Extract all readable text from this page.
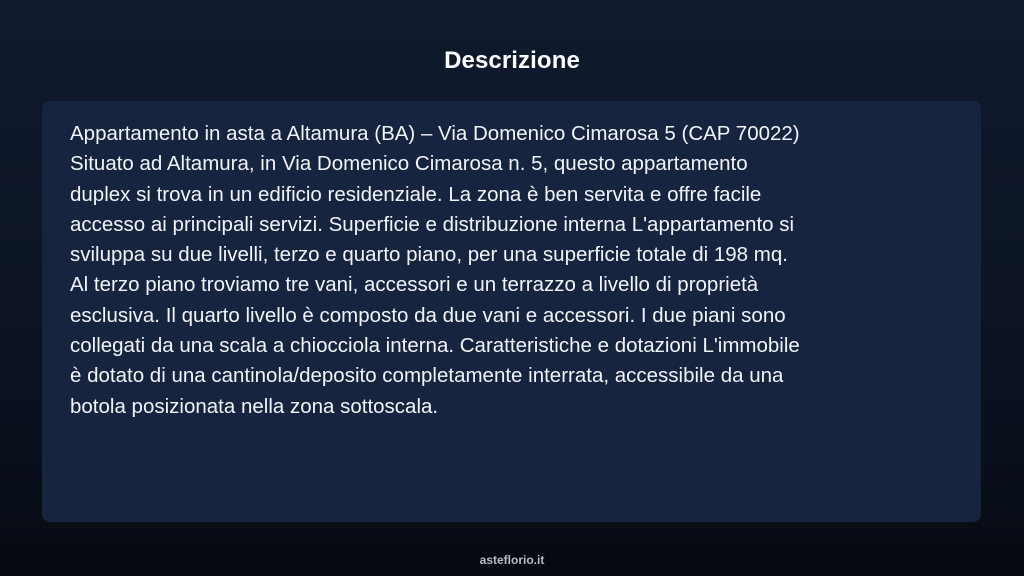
Descrizione

Appartamento in asta a Altamura (BA) – Via Domenico Cimarosa 5 (CAP 70022)
Situato ad Altamura, in Via Domenico Cimarosa n. 5, questo appartamento
duplex si trova in un edificio residenziale. La zona è ben servita e offre facile
accesso ai principali servizi. Superficie e distribuzione interna L'appartamento si
sviluppa su due livelli, terzo e quarto piano, per una superficie totale di 198 mq.
Al terzo piano troviamo tre vani, accessori e un terrazzo a livello di proprietà
esclusiva. Il quarto livello è composto da due vani e accessori. I due piani sono
collegati da una scala a chiocciola interna. Caratteristiche e dotazioni L'immobile
è dotato di una cantinola/deposito completamente interrata, accessibile da una
botola posizionata nella zona sottoscala.

asteflorio.it
